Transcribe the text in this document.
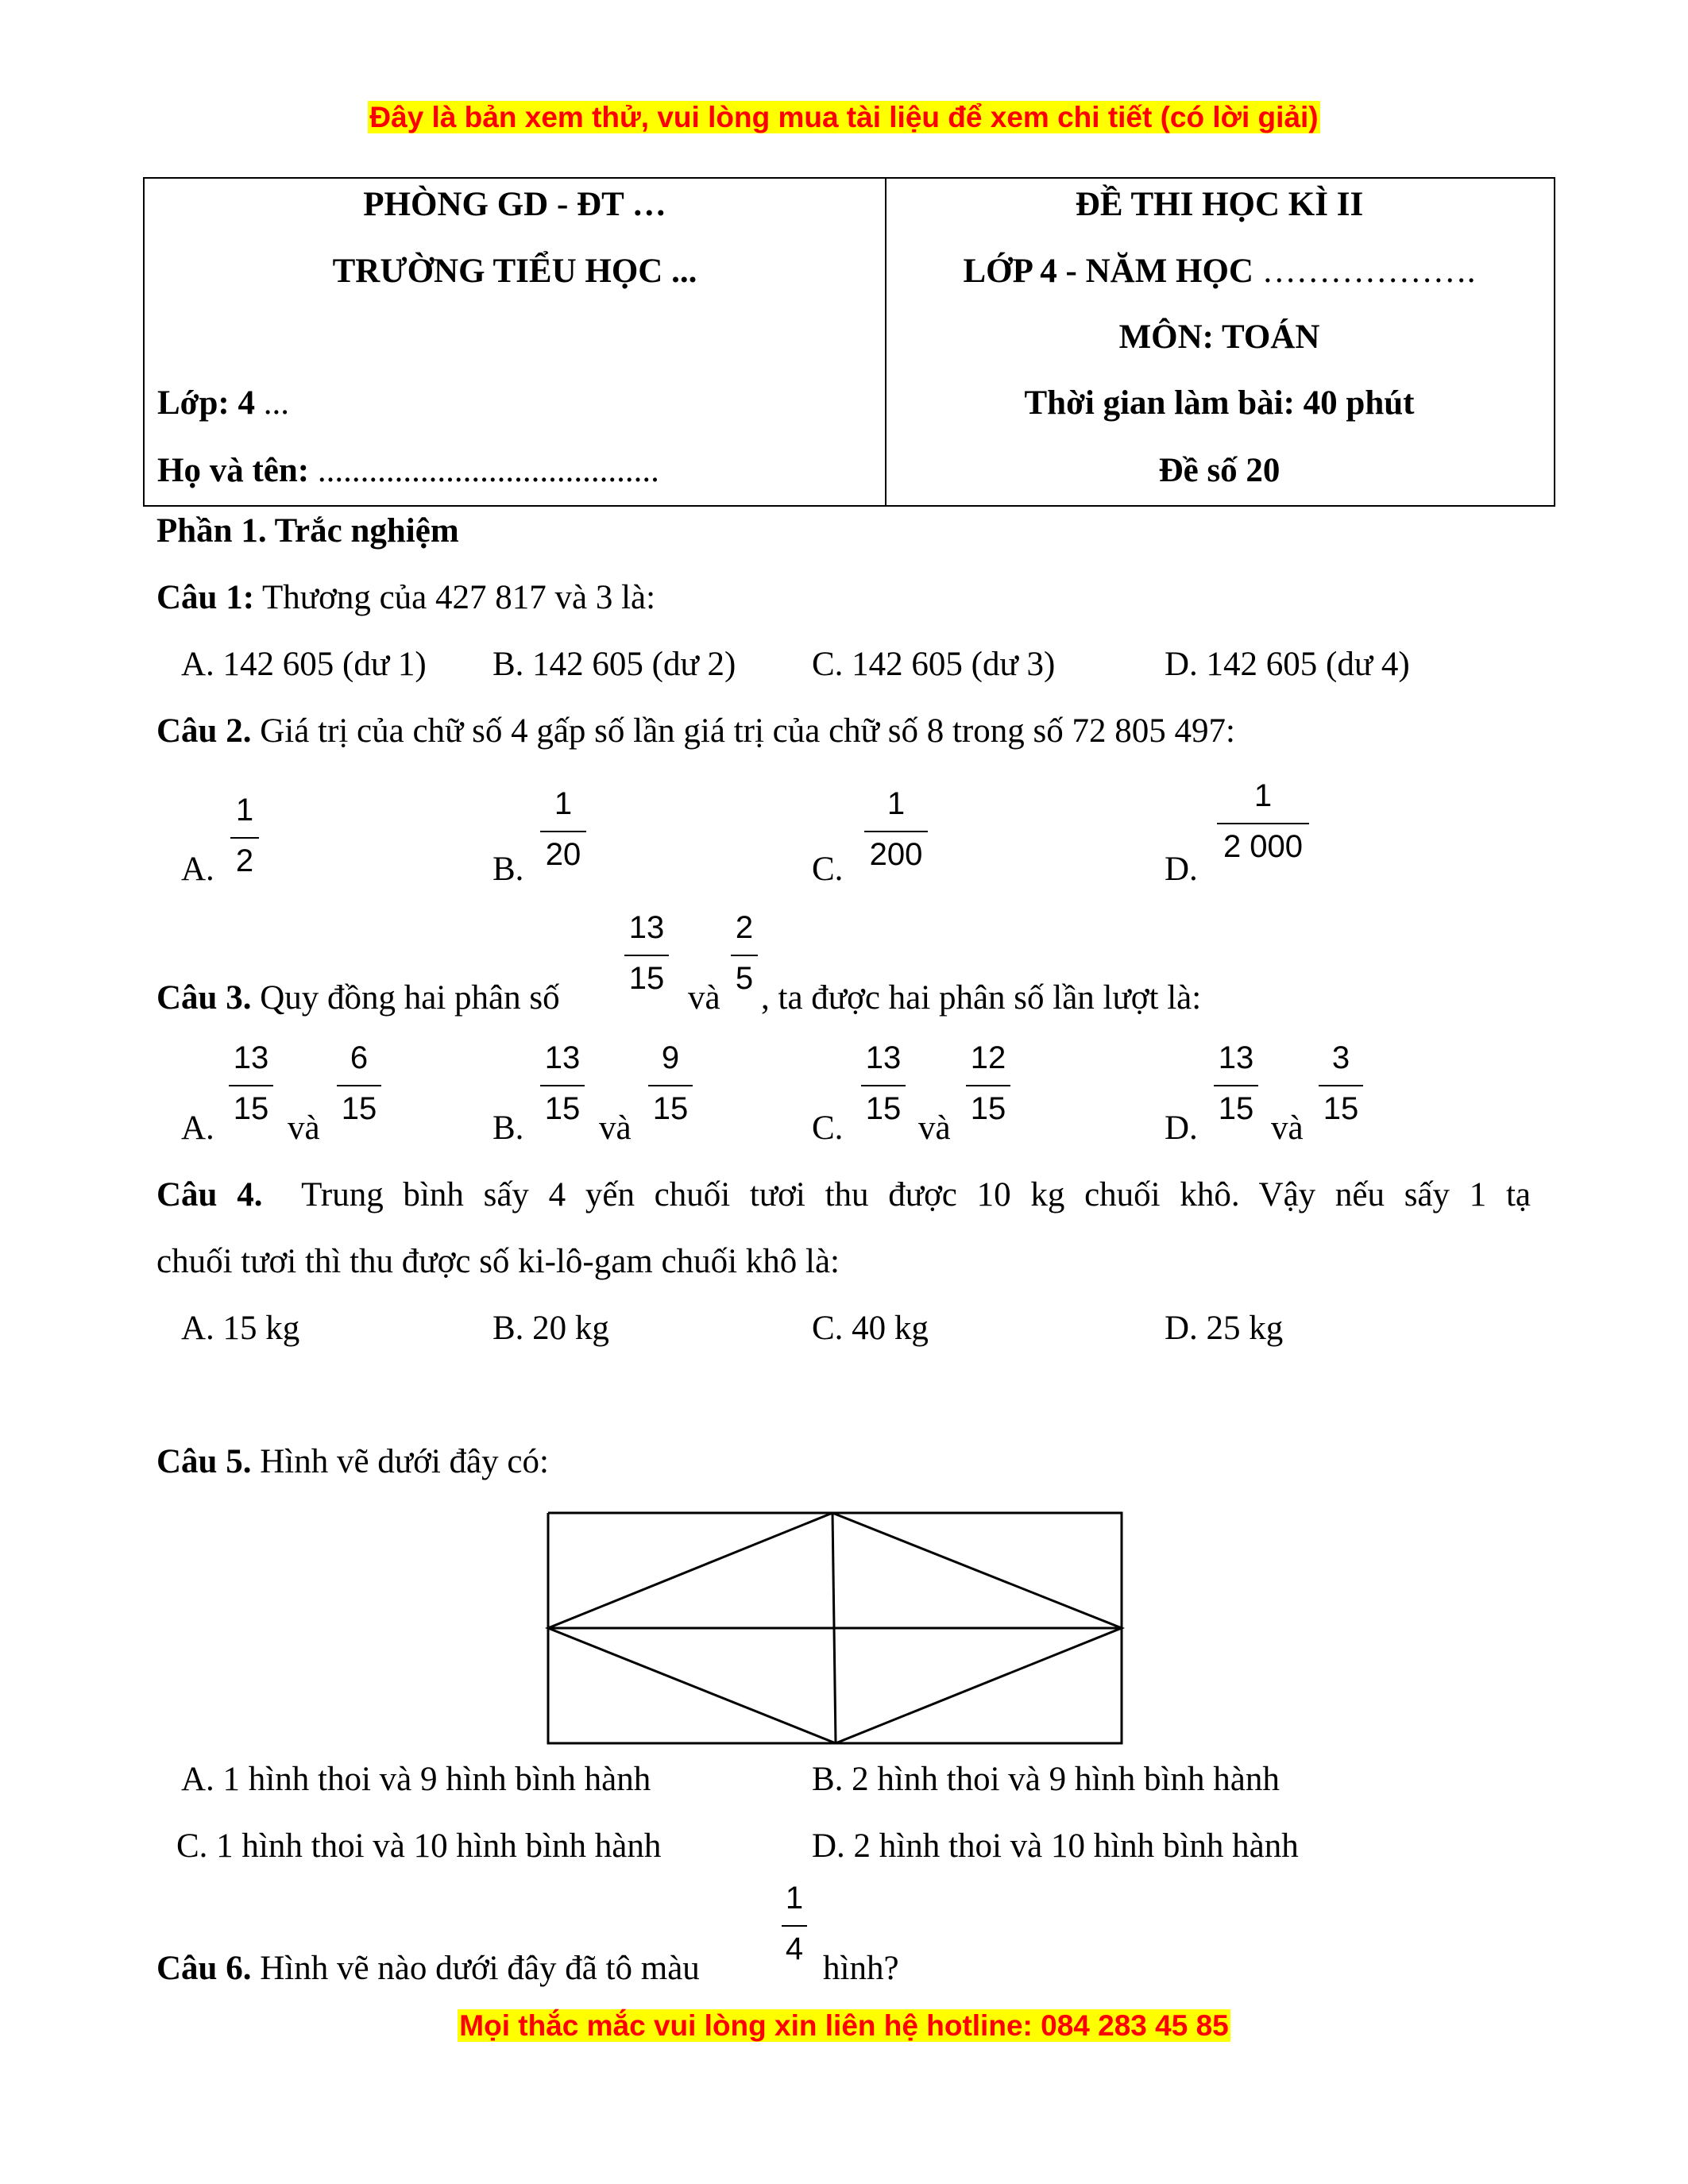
Đây là bản xem thử, vui lòng mua tài liệu để xem chi tiết (có lời giải)
PHÒNG GD - ĐT …
TRƯỜNG TIỂU HỌC ...
Lớp: 4 ...
Họ và tên: ........................................
ĐỀ THI HỌC KÌ II
LỚP 4 - NĂM HỌC ……………….
MÔN: TOÁN
Thời gian làm bài: 40 phút
Đề số 20
Phần 1. Trắc nghiệm
Câu 1: Thương của 427 817 và 3 là:
A. 142 605 (dư 1) B. 142 605 (dư 2) C. 142 605 (dư 3)	D. 142 605 (dư 4)
Câu 2. Giá trị của chữ số 4 gấp số lần giá trị của chữ số 8 trong số 72 805 497:
A.
1
2	B.
1
20	C.
1
200	D.
1
2 000
Câu 3. Quy đồng hai phân số
13
15
và
2
5
, ta được hai phân số lần lượt là:
A.
13
15
và
6
15
B.
13
15
và
9
15
C.
13
15
và
12
15
D.
13
15
và
3
15
Câu 4. Trung bình sấy 4 yến chuối tươi thu được 10 kg chuối khô. Vậy nếu sấy 1 tạ
chuối tươi thì thu được số ki-lô-gam chuối khô là:
A. 15 kg	B. 20 kg	C. 40 kg	D. 25 kg
Câu 5. Hình vẽ dưới đây có:
A. 1 hình thoi và 9 hình bình hành	B. 2 hình thoi và 9 hình bình hành
C. 1 hình thoi và 10 hình bình hành	D. 2 hình thoi và 10 hình bình hành
Câu 6. Hình vẽ nào dưới đây đã tô màu
1
4
hình?
Mọi thắc mắc vui lòng xin liên hệ hotline: 084 283 45 85
